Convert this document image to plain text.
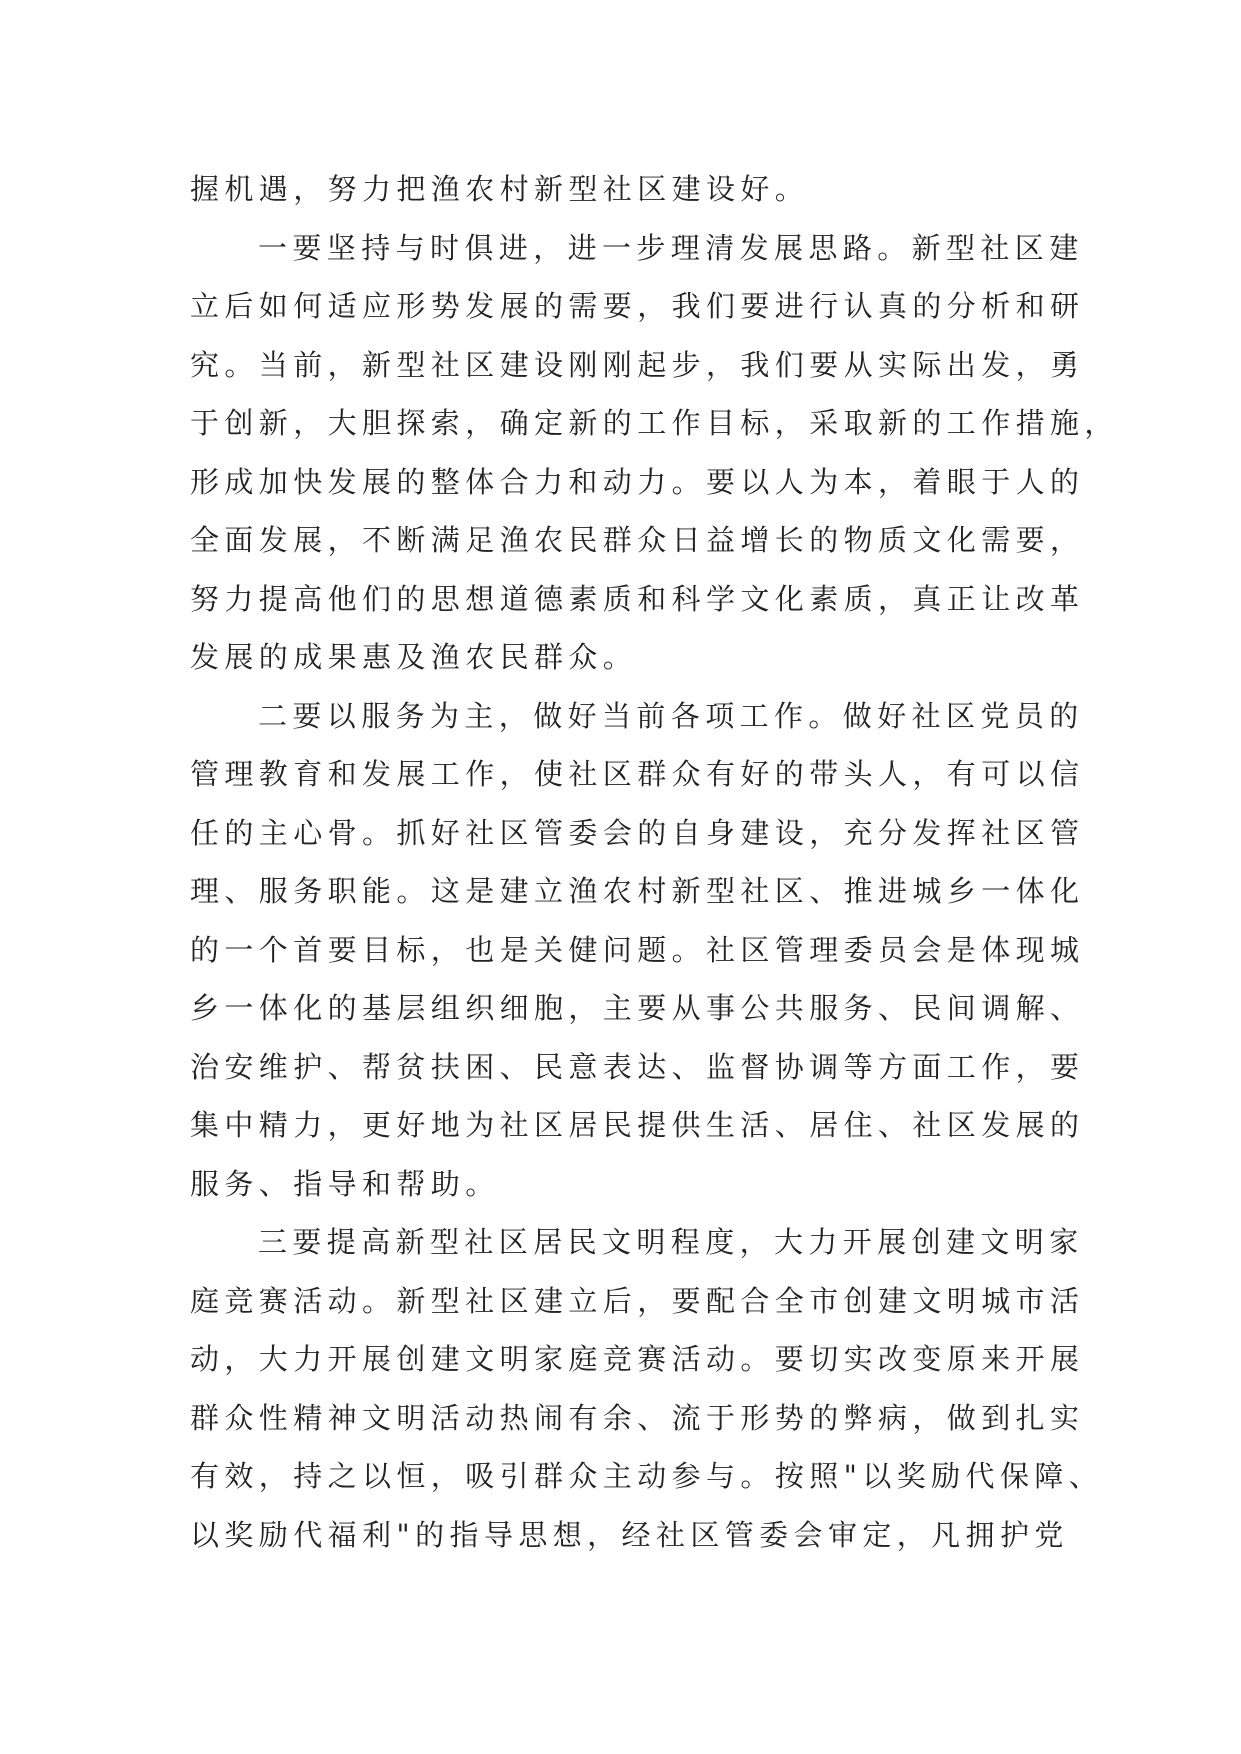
握机遇，努力把渔农村新型社区建设好。
一要坚持与时俱进，进一步理清发展思路。新型社区建
立后如何适应形势发展的需要，我们要进行认真的分析和研
究。当前，新型社区建设刚刚起步，我们要从实际出发，勇
于创新，大胆探索，确定新的工作目标，采取新的工作措施，
形成加快发展的整体合力和动力。要以人为本，着眼于人的
全面发展，不断满足渔农民群众日益增长的物质文化需要，
努力提高他们的思想道德素质和科学文化素质，真正让改革
发展的成果惠及渔农民群众。
二要以服务为主，做好当前各项工作。做好社区党员的
管理教育和发展工作，使社区群众有好的带头人，有可以信
任的主心骨。抓好社区管委会的自身建设，充分发挥社区管
理、服务职能。这是建立渔农村新型社区、推进城乡一体化
的一个首要目标，也是关健问题。社区管理委员会是体现城
乡一体化的基层组织细胞，主要从事公共服务、民间调解、
治安维护、帮贫扶困、民意表达、监督协调等方面工作，要
集中精力，更好地为社区居民提供生活、居住、社区发展的
服务、指导和帮助。
三要提高新型社区居民文明程度，大力开展创建文明家
庭竞赛活动。新型社区建立后，要配合全市创建文明城市活
动，大力开展创建文明家庭竞赛活动。要切实改变原来开展
群众性精神文明活动热闹有余、流于形势的弊病，做到扎实
有效，持之以恒，吸引群众主动参与。按照"以奖励代保障、
以奖励代福利"的指导思想，经社区管委会审定，凡拥护党
